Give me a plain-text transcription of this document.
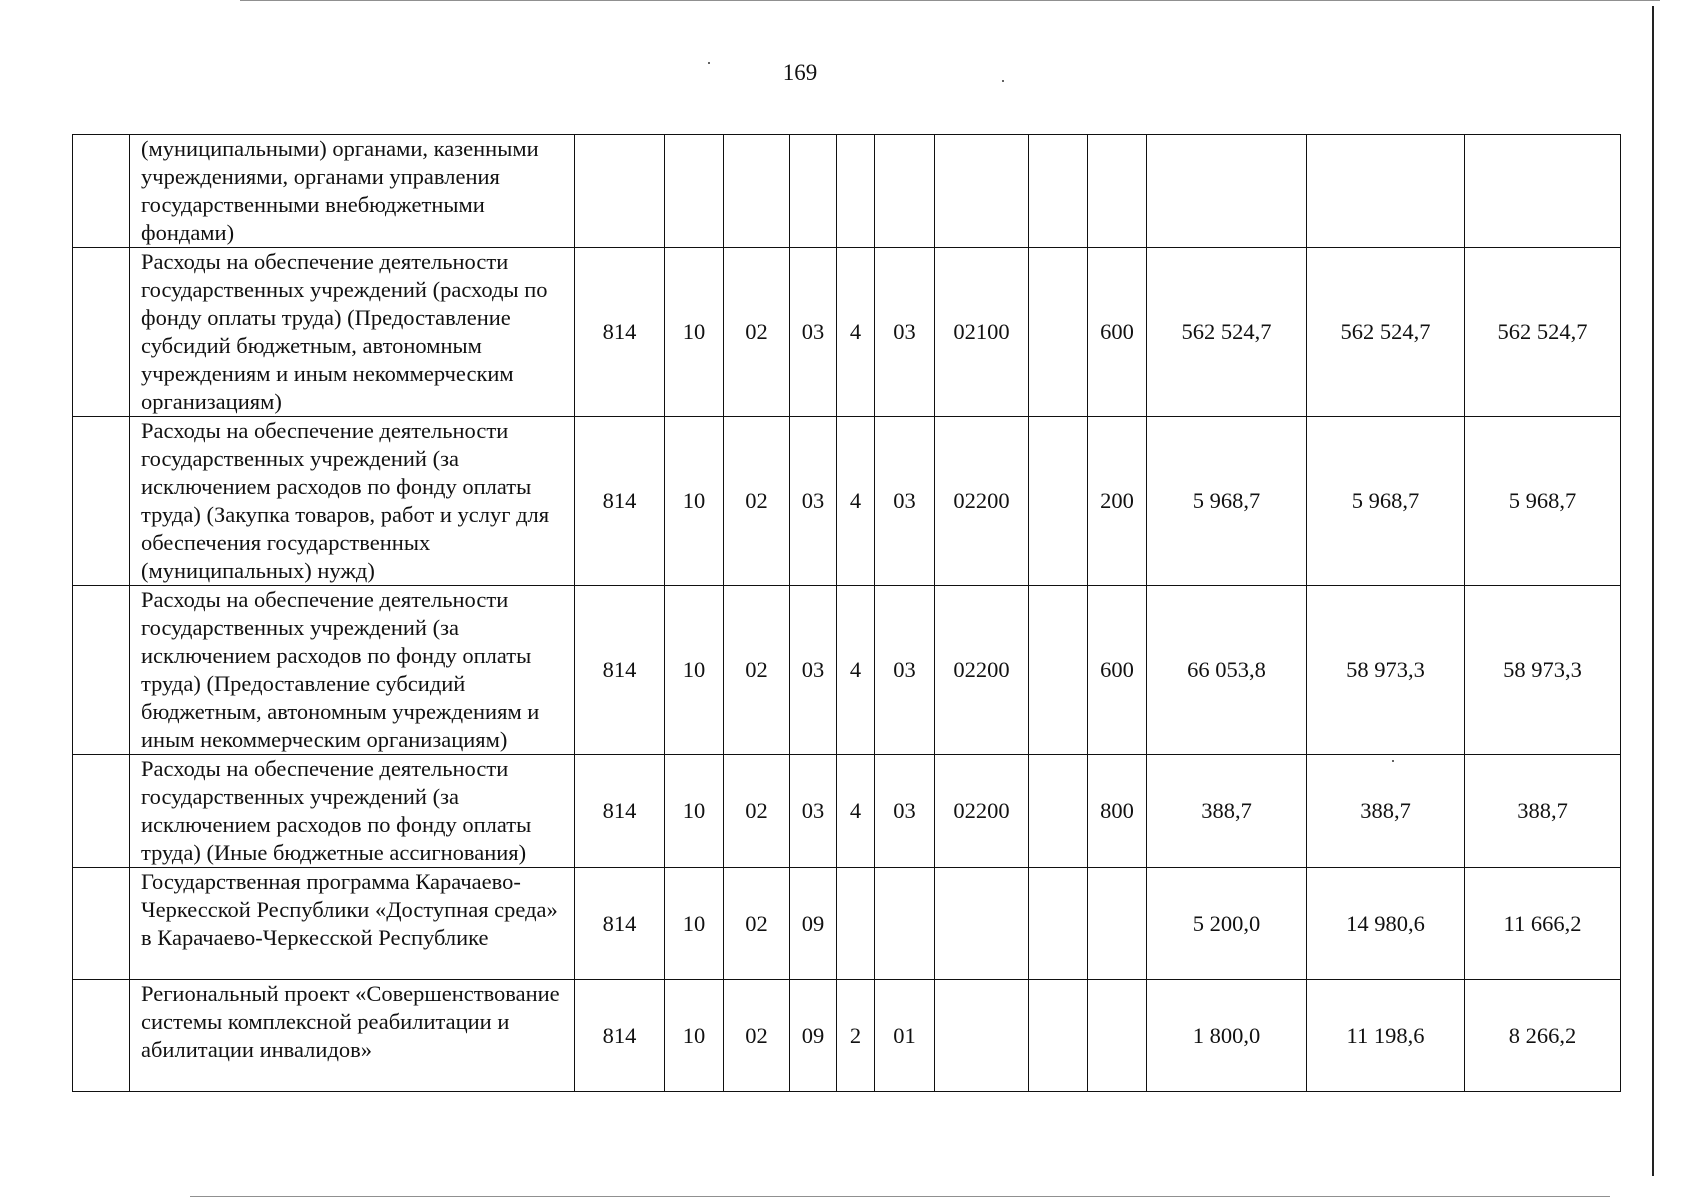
169
	(муниципальными) органами, казенными учреждениями, органами управления государственными внебюджетными фондами)												
	Расходы на обеспечение деятельности государственных учреждений (расходы по фонду оплаты труда) (Предоставление субсидий бюджетным, автономным учреждениям и иным некоммерческим организациям)	814	10	02	03	4	03	02100		600	562 524,7	562 524,7	562 524,7
	Расходы на обеспечение деятельности государственных учреждений (за исключением расходов по фонду оплаты труда) (Закупка товаров, работ и услуг для обеспечения государственных (муниципальных) нужд)	814	10	02	03	4	03	02200		200	5 968,7	5 968,7	5 968,7
	Расходы на обеспечение деятельности государственных учреждений (за исключением расходов по фонду оплаты труда) (Предоставление субсидий бюджетным, автономным учреждениям и иным некоммерческим организациям)	814	10	02	03	4	03	02200		600	66 053,8	58 973,3	58 973,3
	Расходы на обеспечение деятельности государственных учреждений (за исключением расходов по фонду оплаты труда) (Иные бюджетные ассигнования)	814	10	02	03	4	03	02200		800	388,7	388,7	388,7
	Государственная программа Карачаево-Черкесской Республики «Доступная среда» в Карачаево-Черкесской Республике	814	10	02	09						5 200,0	14 980,6	11 666,2
	Региональный проект «Совершенствование системы комплексной реабилитации и абилитации инвалидов»	814	10	02	09	2	01				1 800,0	11 198,6	8 266,2
